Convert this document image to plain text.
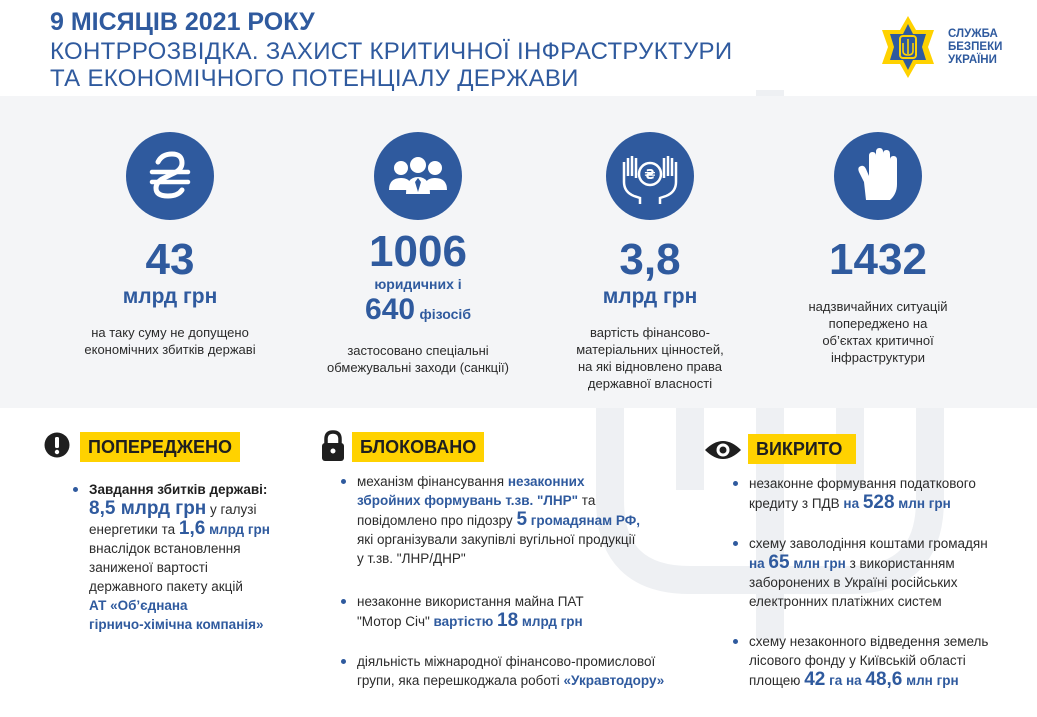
9 МІСЯЦІВ 2021 РОКУ
КОНТРРОЗВІДКА. ЗАХИСТ КРИТИЧНОЇ ІНФРАСТРУКТУРИ
ТА ЕКОНОМІЧНОГО ПОТЕНЦІАЛУ ДЕРЖАВИ
СЛУЖБА
БЕЗПЕКИ
УКРАЇНИ
43
млрд грн
на таку суму не допущено
економічних збитків державі
1006
юридичних і
640 фізосіб
застосовано спеціальні
обмежувальні заходи (санкції)
₴
3,8
млрд грн
вартість фінансово-
матеріальних цінностей,
на які відновлено права
державної власності
1432
надзвичайних ситуацій
попереджено на
об’єктах критичної
інфраструктури
ПОПЕРЕДЖЕНО
Завдання збитків державі:
8,5 млрд грн у галузі
енергетики та 1,6 млрд грн
внаслідок встановлення
заниженої вартості
державного пакету акцій
АТ «Об’єднана
гірничо-хімічна компанія»
БЛОКОВАНО
механізм фінансування незаконних
збройних формувань т.зв. "ЛНР" та
повідомлено про підозру 5 громадянам РФ,
які організували закупівлі вугільної продукції
у т.зв. "ЛНР/ДНР"
незаконне використання майна ПАТ
"Мотор Січ" вартістю 18 млрд грн
діяльність міжнародної фінансово-промислової
групи, яка перешкоджала роботі «Укравтодору»
ВИКРИТО
незаконне формування податкового
кредиту з ПДВ на 528 млн грн
схему заволодіння коштами громадян
на 65 млн грн з використанням
заборонених в Україні російських
електронних платіжних систем
схему незаконного відведення земель
лісового фонду у Київській області
площею 42 га на 48,6 млн грн
